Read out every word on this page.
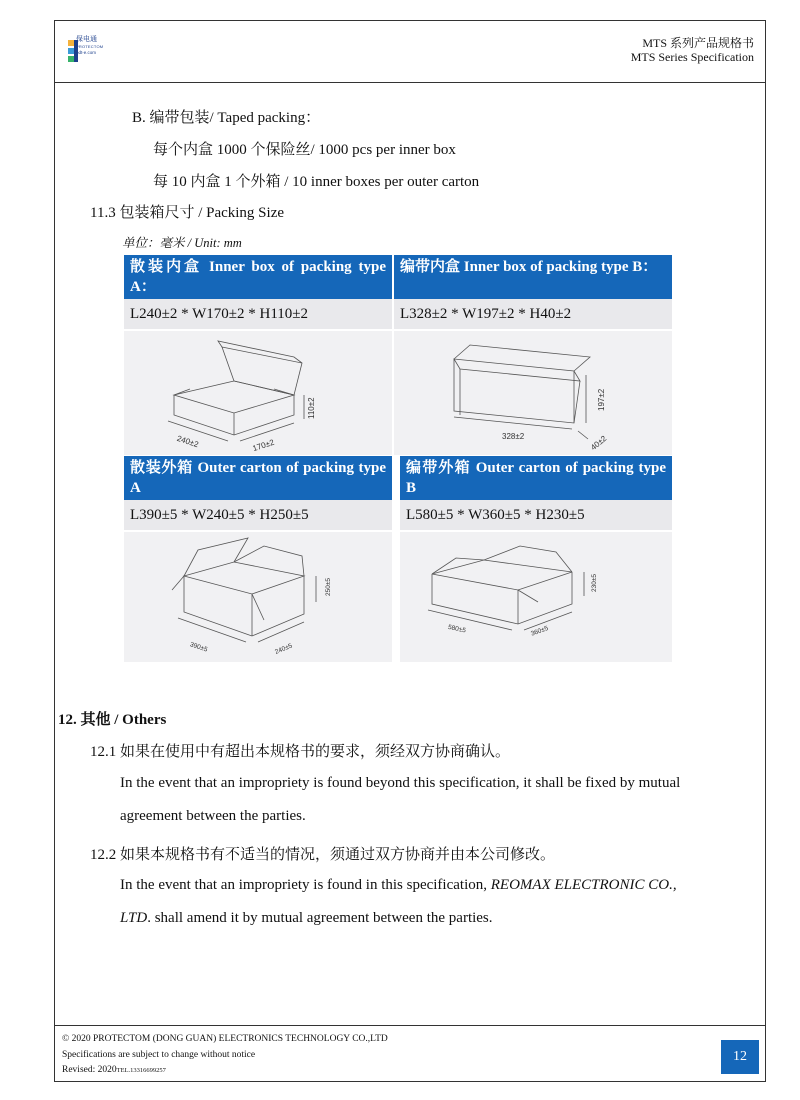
保电通
PROTECTOM
bdt-e.com
MTS 系列产品规格书
MTS Series Specification
B. 编带包装/ Taped packing：
每个内盒 1000 个保险丝/ 1000 pcs per inner box
每 10 内盒 1 个外箱 / 10 inner boxes per outer carton
11.3 包装箱尺寸 / Packing Size
单位：毫米 / Unit: mm
散装内盒 Inner box of packing type A：
编带内盒 Inner box of packing type B：
L240±2 * W170±2 * H110±2	L328±2 * W197±2 * H40±2
110±2
240±2	170±2
328±2
197±2
40±2
散装外箱 Outer carton of packing type A
编带外箱 Outer carton of packing type B
L390±5 * W240±5 * H250±5	L580±5 * W360±5 * H230±5
250±5
390±5	240±5
230±5
580±5	360±5
12. 其他 / Others
12.1 如果在使用中有超出本规格书的要求，须经双方协商确认。
In the event that an impropriety is found beyond this specification, it shall be fixed by mutual
agreement between the parties.
12.2 如果本规格书有不适当的情况，须通过双方协商并由本公司修改。
In the event that an impropriety is found in this specification, REOMAX ELECTRONIC CO.,
LTD. shall amend it by mutual agreement between the parties.
© 2020 PROTECTOM (DONG GUAN) ELECTRONICS TECHNOLOGY CO.,LTD
Specifications are subject to change without notice
Revised: 2020TEL.13316699257
12
